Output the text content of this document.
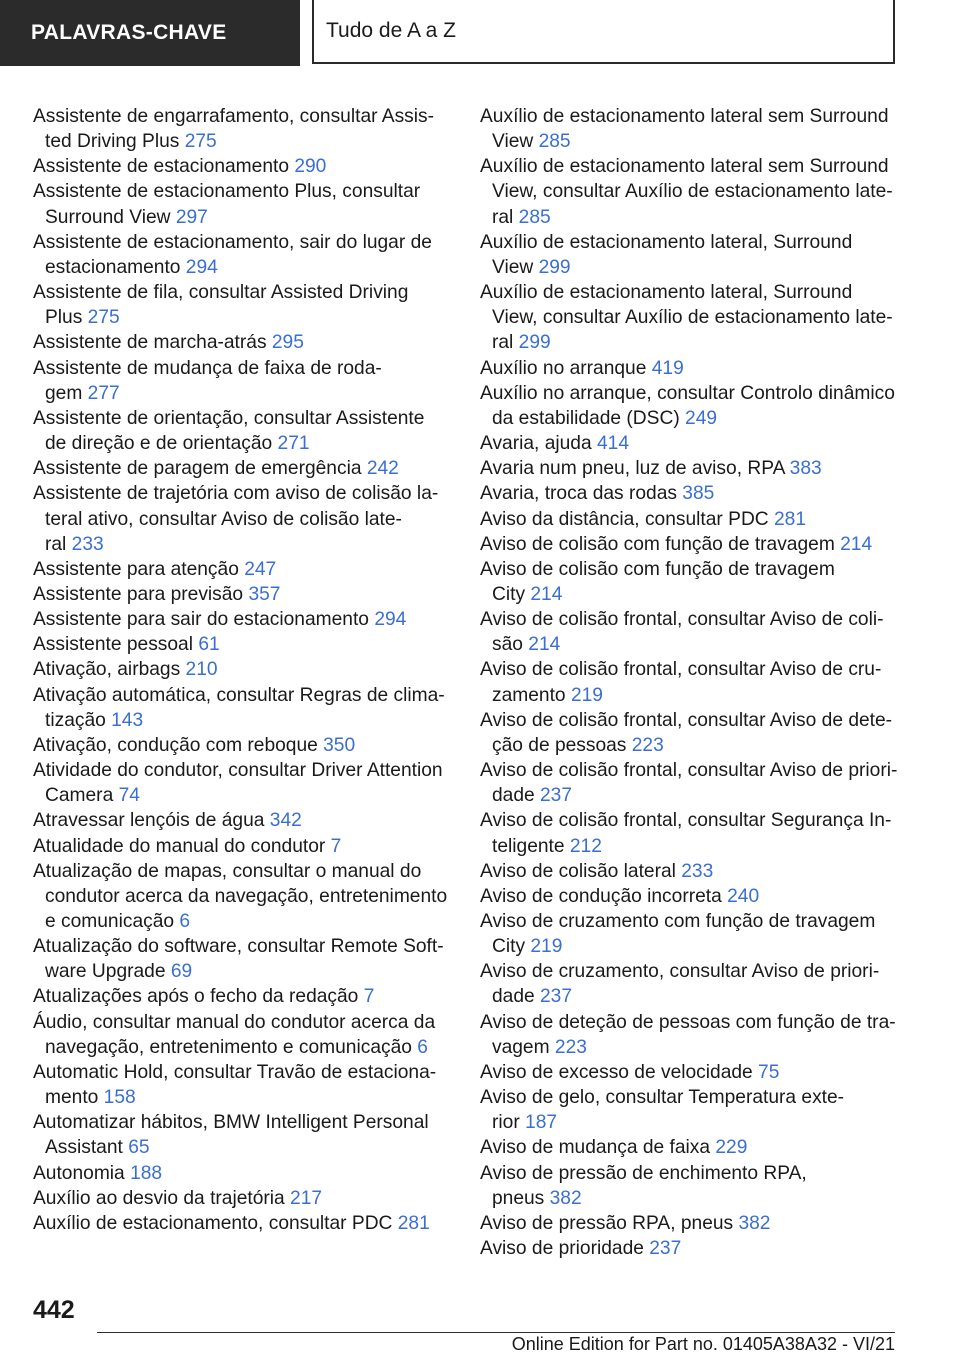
PALAVRAS-CHAVE	Tudo de A a Z
Assistente de engarrafamento, consultar Assis-
ted Driving Plus 275
Assistente de estacionamento 290
Assistente de estacionamento Plus, consultar
Surround View 297
Assistente de estacionamento, sair do lugar de
estacionamento 294
Assistente de fila, consultar Assisted Driving
Plus 275
Assistente de marcha-atrás 295
Assistente de mudança de faixa de roda-
gem 277
Assistente de orientação, consultar Assistente
de direção e de orientação 271
Assistente de paragem de emergência 242
Assistente de trajetória com aviso de colisão la-
teral ativo, consultar Aviso de colisão late-
ral 233
Assistente para atenção 247
Assistente para previsão 357
Assistente para sair do estacionamento 294
Assistente pessoal 61
Ativação, airbags 210
Ativação automática, consultar Regras de clima-
tização 143
Ativação, condução com reboque 350
Atividade do condutor, consultar Driver Attention
Camera 74
Atravessar lençóis de água 342
Atualidade do manual do condutor 7
Atualização de mapas, consultar o manual do
condutor acerca da navegação, entretenimento
e comunicação 6
Atualização do software, consultar Remote Soft-
ware Upgrade 69
Atualizações após o fecho da redação 7
Áudio, consultar manual do condutor acerca da
navegação, entretenimento e comunicação 6
Automatic Hold, consultar Travão de estaciona-
mento 158
Automatizar hábitos, BMW Intelligent Personal
Assistant 65
Autonomia 188
Auxílio ao desvio da trajetória 217
Auxílio de estacionamento, consultar PDC 281
Auxílio de estacionamento lateral sem Surround
View 285
Auxílio de estacionamento lateral sem Surround
View, consultar Auxílio de estacionamento late-
ral 285
Auxílio de estacionamento lateral, Surround
View 299
Auxílio de estacionamento lateral, Surround
View, consultar Auxílio de estacionamento late-
ral 299
Auxílio no arranque 419
Auxílio no arranque, consultar Controlo dinâmico
da estabilidade (DSC) 249
Avaria, ajuda 414
Avaria num pneu, luz de aviso, RPA 383
Avaria, troca das rodas 385
Aviso da distância, consultar PDC 281
Aviso de colisão com função de travagem 214
Aviso de colisão com função de travagem
City 214
Aviso de colisão frontal, consultar Aviso de coli-
são 214
Aviso de colisão frontal, consultar Aviso de cru-
zamento 219
Aviso de colisão frontal, consultar Aviso de dete-
ção de pessoas 223
Aviso de colisão frontal, consultar Aviso de priori-
dade 237
Aviso de colisão frontal, consultar Segurança In-
teligente 212
Aviso de colisão lateral 233
Aviso de condução incorreta 240
Aviso de cruzamento com função de travagem
City 219
Aviso de cruzamento, consultar Aviso de priori-
dade 237
Aviso de deteção de pessoas com função de tra-
vagem 223
Aviso de excesso de velocidade 75
Aviso de gelo, consultar Temperatura exte-
rior 187
Aviso de mudança de faixa 229
Aviso de pressão de enchimento RPA,
pneus 382
Aviso de pressão RPA, pneus 382
Aviso de prioridade 237
442
Online Edition for Part no. 01405A38A32 - VI/21
